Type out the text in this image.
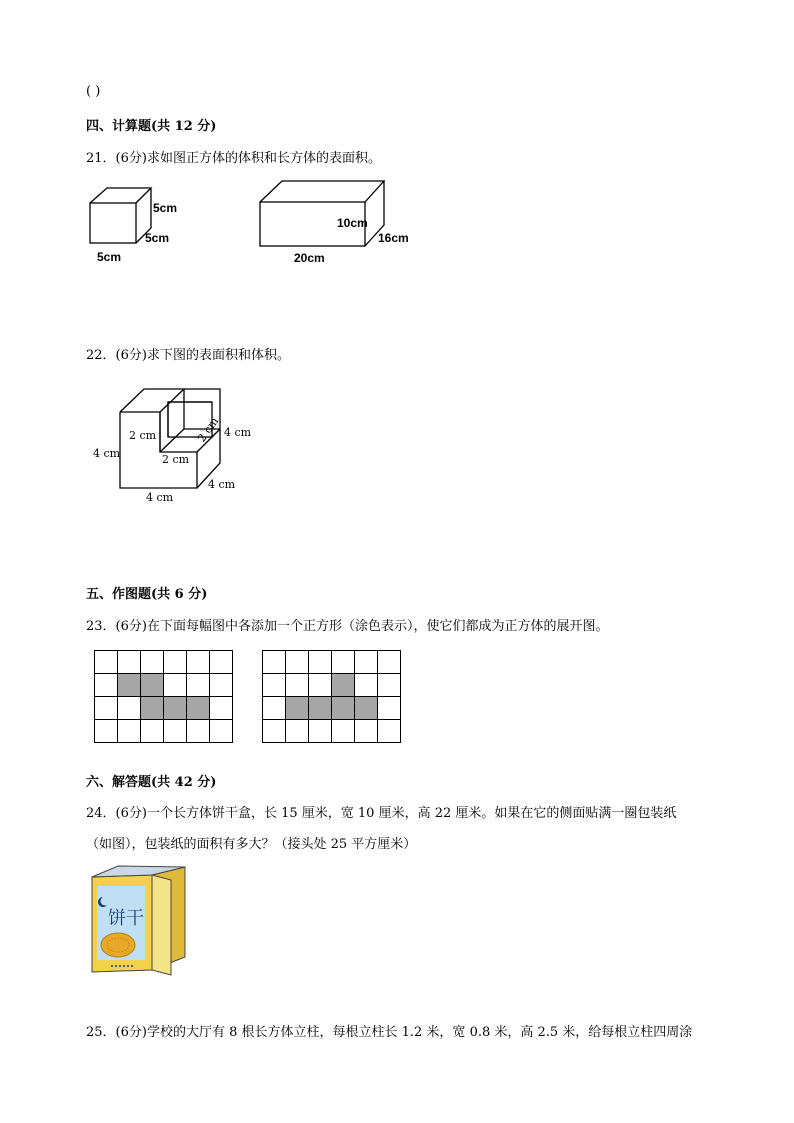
( )
四、计算题(共 12 分)
21．(6分)求如图正方体的体积和长方体的表面积。
5cm
5cm
5cm
10cm
16cm
20cm
22．(6分)求下图的表面积和体积。
4 cm
2 cm
2 cm
2 cm 4 cm
4 cm
4 cm
五、作图题(共 6 分)
23．(6分)在下面每幅图中各添加一个正方形（涂色表示），使它们都成为正方体的展开图。
六、解答题(共 42 分)
24．(6分)一个长方体饼干盒，长 15 厘米，宽 10 厘米，高 22 厘米。如果在它的侧面贴满一圈包装纸
（如图），包装纸的面积有多大？（接头处 25 平方厘米）
饼干
25．(6分)学校的大厅有 8 根长方体立柱，每根立柱长 1.2 米，宽 0.8 米，高 2.5 米，给每根立柱四周涂
